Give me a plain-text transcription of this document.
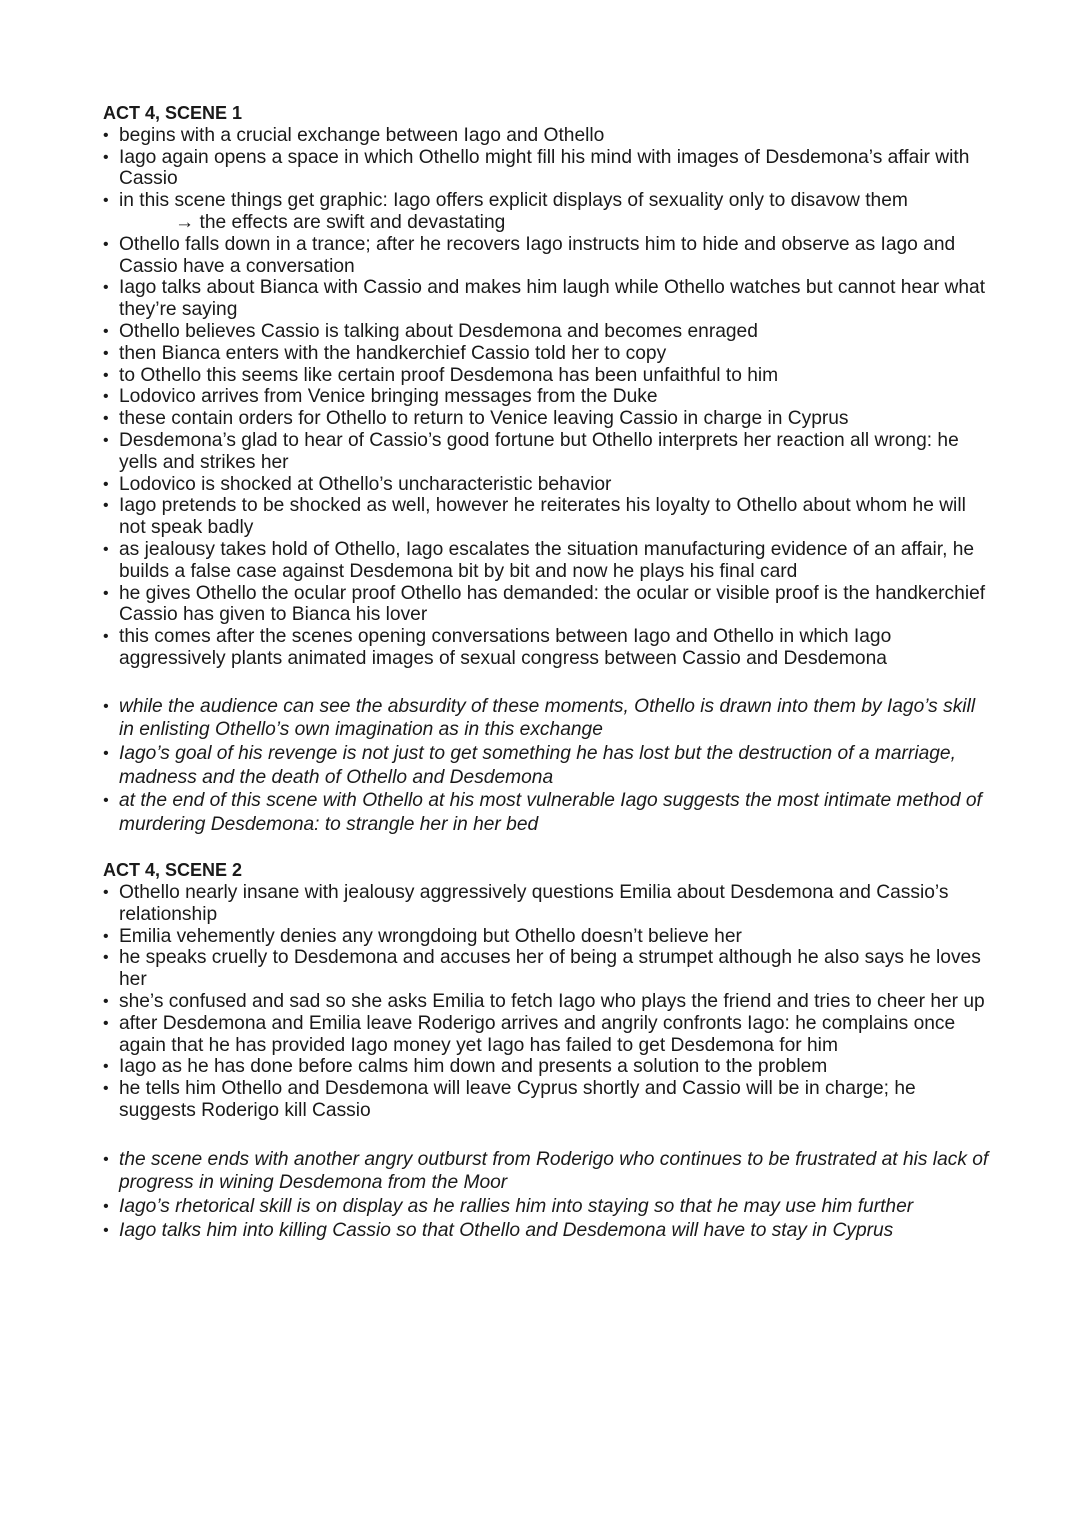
ACT 4, SCENE 1
• begins with a crucial exchange between Iago and Othello
• Iago again opens a space in which Othello might fill his mind with images of Desdemona’s affair with Cassio
• in this scene things get graphic: Iago offers explicit displays of sexuality only to disavow them
→ the effects are swift and devastating
• Othello falls down in a trance; after he recovers Iago instructs him to hide and observe as Iago and Cassio have a conversation
• Iago talks about Bianca with Cassio and makes him laugh while Othello watches but cannot hear what they’re saying
• Othello believes Cassio is talking about Desdemona and becomes enraged
• then Bianca enters with the handkerchief Cassio told her to copy
• to Othello this seems like certain proof Desdemona has been unfaithful to him
• Lodovico arrives from Venice bringing messages from the Duke
• these contain orders for Othello to return to Venice leaving Cassio in charge in Cyprus
• Desdemona’s glad to hear of Cassio’s good fortune but Othello interprets her reaction all wrong: he yells and strikes her
• Lodovico is shocked at Othello’s uncharacteristic behavior
• Iago pretends to be shocked as well, however he reiterates his loyalty to Othello about whom he will not speak badly
• as jealousy takes hold of Othello, Iago escalates the situation manufacturing evidence of an affair, he builds a false case against Desdemona bit by bit and now he plays his final card
• he gives Othello the ocular proof Othello has demanded: the ocular or visible proof is the handkerchief Cassio has given to Bianca his lover
• this comes after the scenes opening conversations between Iago and Othello in which Iago aggressively plants animated images of sexual congress between Cassio and Desdemona
• while the audience can see the absurdity of these moments, Othello is drawn into them by Iago’s skill in enlisting Othello’s own imagination as in this exchange
• Iago’s goal of his revenge is not just to get something he has lost but the destruction of a marriage, madness and the death of Othello and Desdemona
• at the end of this scene with Othello at his most vulnerable Iago suggests the most intimate method of murdering Desdemona: to strangle her in her bed
ACT 4, SCENE 2
• Othello nearly insane with jealousy aggressively questions Emilia about Desdemona and Cassio’s relationship
• Emilia vehemently denies any wrongdoing but Othello doesn’t believe her
• he speaks cruelly to Desdemona and accuses her of being a strumpet although he also says he loves her
• she’s confused and sad so she asks Emilia to fetch Iago who plays the friend and tries to cheer her up
• after Desdemona and Emilia leave Roderigo arrives and angrily confronts Iago: he complains once again that he has provided Iago money yet Iago has failed to get Desdemona for him
• Iago as he has done before calms him down and presents a solution to the problem
• he tells him Othello and Desdemona will leave Cyprus shortly and Cassio will be in charge; he suggests Roderigo kill Cassio
• the scene ends with another angry outburst from Roderigo who continues to be frustrated at his lack of progress in wining Desdemona from the Moor
• Iago’s rhetorical skill is on display as he rallies him into staying so that he may use him further
• Iago talks him into killing Cassio so that Othello and Desdemona will have to stay in Cyprus
